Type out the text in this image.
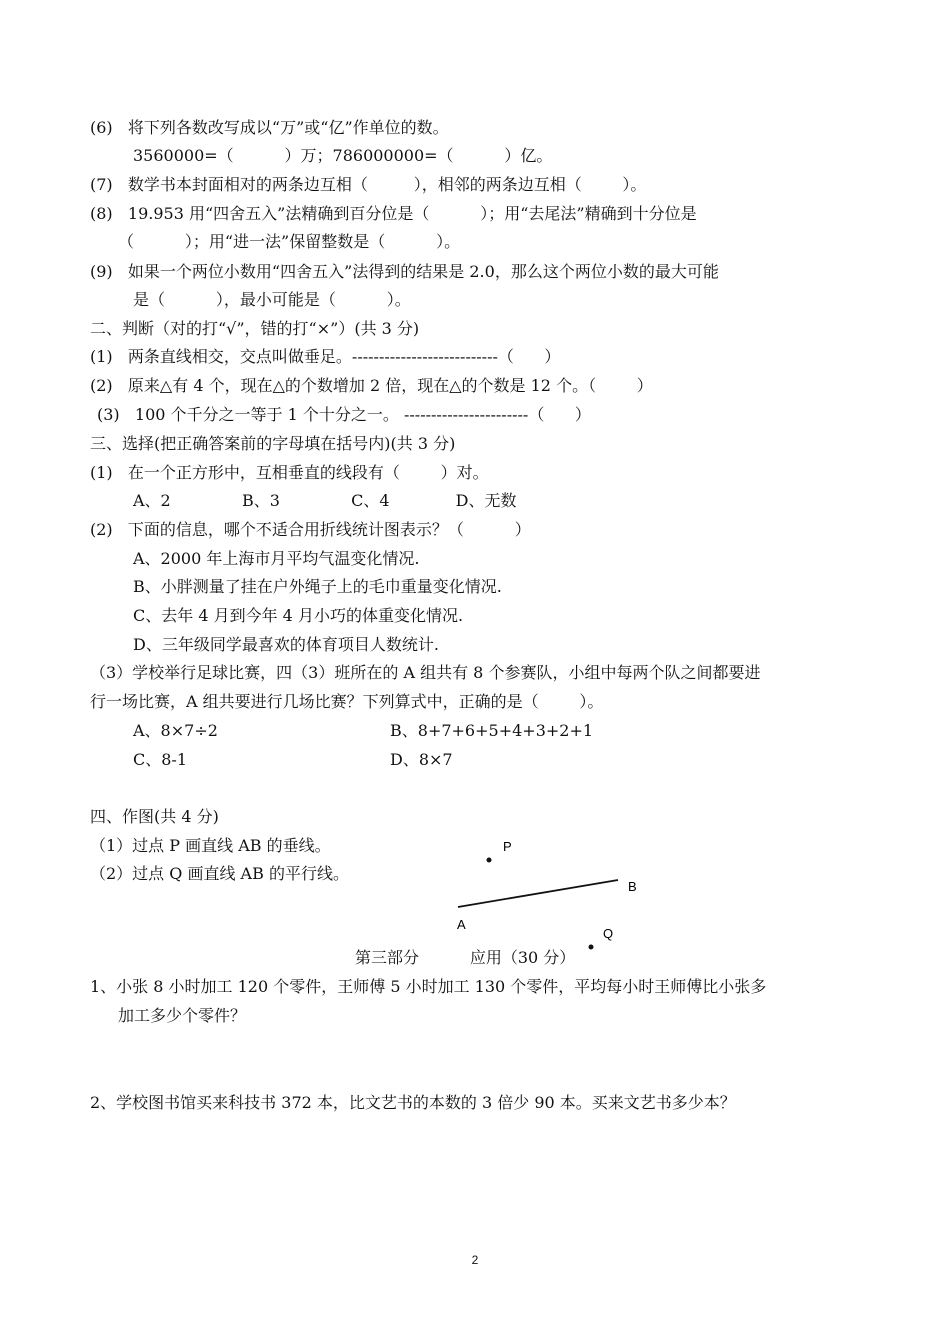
(6)   将下列各数改写成以“万”或“亿”作单位的数。
3560000=（          ）万；786000000=（          ）亿。
(7)   数学书本封面相对的两条边互相（         ），相邻的两条边互相（        ）。
(8)   19.953 用“四舍五入”法精确到百分位是（          ）；用“去尾法”精确到十分位是
（          ）；用“进一法”保留整数是（          ）。
(9)   如果一个两位小数用“四舍五入”法得到的结果是 2.0，那么这个两位小数的最大可能
是（          ），最小可能是（          ）。
二、判断（对的打“√”，错的打“×”）(共 3 分)
(1)   两条直线相交，交点叫做垂足。---------------------------（      ）
(2)   原来△有 4 个，现在△的个数增加 2 倍，现在△的个数是 12 个。（        ）
(3)   100 个千分之一等于 1 个十分之一。 -----------------------（      ）
三、选择(把正确答案前的字母填在括号内)(共 3 分)
(1)   在一个正方形中，互相垂直的线段有（        ）对。
A、2              B、3              C、4             D、无数
(2)   下面的信息，哪个不适合用折线统计图表示？（          ）
A、2000 年上海市月平均气温变化情况.
B、小胖测量了挂在户外绳子上的毛巾重量变化情况.
C、去年 4 月到今年 4 月小巧的体重变化情况.
D、三年级同学最喜欢的体育项目人数统计.
（3）学校举行足球比赛，四（3）班所在的 A 组共有 8 个参赛队，小组中每两个队之间都要进
行一场比赛，A 组共要进行几场比赛？下列算式中，正确的是（        ）。
A、8×7÷2	B、8+7+6+5+4+3+2+1
C、8-1	D、8×7
四、作图(共 4 分)
（1）过点 P 画直线 AB 的垂线。
（2）过点 Q 画直线 AB 的平行线。
P
B
A
Q
第三部分          应用（30 分）
1、小张 8 小时加工 120 个零件，王师傅 5 小时加工 130 个零件，平均每小时王师傅比小张多
加工多少个零件？
2、学校图书馆买来科技书 372 本，比文艺书的本数的 3 倍少 90 本。买来文艺书多少本？
2
